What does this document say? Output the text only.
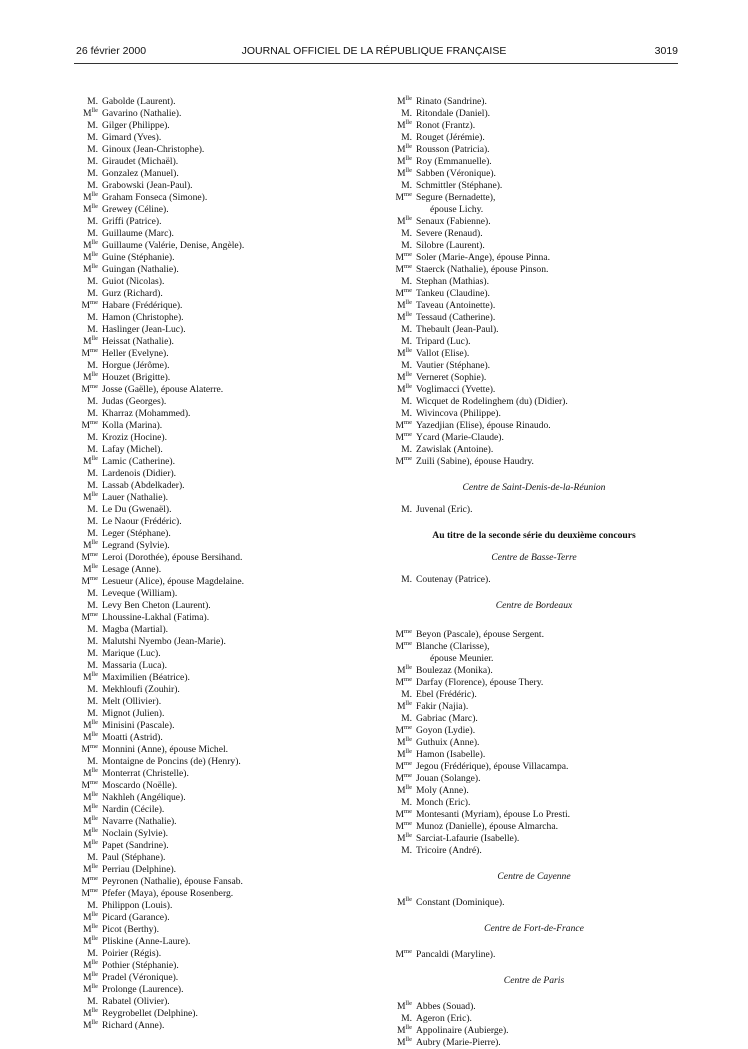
26 février 2000	JOURNAL OFFICIEL DE LA RÉPUBLIQUE FRANÇAISE	3019
M. Gabolde (Laurent).
$M^{lle}$ Gavarino (Nathalie).
M. Gilger (Philippe).
M. Gimard (Yves).
M. Ginoux (Jean-Christophe).
M. Giraudet (Michaël).
M. Gonzalez (Manuel).
M. Grabowski (Jean-Paul).
$M^{lle}$ Graham Fonseca (Simone).
$M^{lle}$ Grewey (Céline).
M. Griffi (Patrice).
M. Guillaume (Marc).
$M^{lle}$ Guillaume (Valérie, Denise, Angèle).
$M^{lle}$ Guine (Stéphanie).
$M^{lle}$ Guingan (Nathalie).
M. Guiot (Nicolas).
M. Gurz (Richard).
$M^{me}$ Habare (Frédérique).
M. Hamon (Christophe).
M. Haslinger (Jean-Luc).
$M^{lle}$ Heissat (Nathalie).
$M^{me}$ Heller (Evelyne).
M. Horgue (Jérôme).
$M^{lle}$ Houzet (Brigitte).
$M^{me}$ Josse (Gaëlle), épouse Alaterre.
M. Judas (Georges).
M. Kharraz (Mohammed).
$M^{me}$ Kolla (Marina).
M. Kroziz (Hocine).
M. Lafay (Michel).
$M^{lle}$ Lamic (Catherine).
M. Lardenois (Didier).
M. Lassab (Abdelkader).
$M^{lle}$ Lauer (Nathalie).
M. Le Du (Gwenaël).
M. Le Naour (Frédéric).
M. Leger (Stéphane).
$M^{lle}$ Legrand (Sylvie).
$M^{me}$ Leroi (Dorothée), épouse Bersihand.
$M^{lle}$ Lesage (Anne).
$M^{me}$ Lesueur (Alice), épouse Magdelaine.
M. Leveque (William).
M. Levy Ben Cheton (Laurent).
$M^{me}$ Lhoussine-Lakhal (Fatima).
M. Magba (Martial).
M. Malutshi Nyembo (Jean-Marie).
M. Marique (Luc).
M. Massaria (Luca).
$M^{lle}$ Maximilien (Béatrice).
M. Mekhloufi (Zouhir).
M. Melt (Ollivier).
M. Mignot (Julien).
$M^{lle}$ Minisini (Pascale).
$M^{lle}$ Moatti (Astrid).
$M^{me}$ Monnini (Anne), épouse Michel.
M. Montaigne de Poncins (de) (Henry).
$M^{lle}$ Monterrat (Christelle).
$M^{me}$ Moscardo (Noëlle).
$M^{lle}$ Nakhleh (Angélique).
$M^{lle}$ Nardin (Cécile).
$M^{lle}$ Navarre (Nathalie).
$M^{lle}$ Noclain (Sylvie).
$M^{lle}$ Papet (Sandrine).
M. Paul (Stéphane).
$M^{lle}$ Perriau (Delphine).
$M^{me}$ Peyronen (Nathalie), épouse Fansab.
$M^{me}$ Pfefer (Maya), épouse Rosenberg.
M. Philippon (Louis).
$M^{lle}$ Picard (Garance).
$M^{lle}$ Picot (Berthy).
$M^{lle}$ Pliskine (Anne-Laure).
M. Poirier (Régis).
$M^{lle}$ Pothier (Stéphanie).
$M^{lle}$ Pradel (Véronique).
$M^{lle}$ Prolonge (Laurence).
M. Rabatel (Olivier).
$M^{lle}$ Reygrobellet (Delphine).
$M^{lle}$ Richard (Anne).
$M^{lle}$ Rinato (Sandrine).
M. Ritondale (Daniel).
$M^{lle}$ Ronot (Frantz).
M. Rouget (Jérémie).
$M^{lle}$ Rousson (Patricia).
$M^{lle}$ Roy (Emmanuelle).
$M^{lle}$ Sabben (Véronique).
M. Schmittler (Stéphane).
$M^{me}$ Segure (Bernadette),
épouse Lichy.
$M^{lle}$ Senaux (Fabienne).
M. Severe (Renaud).
M. Silobre (Laurent).
$M^{me}$ Soler (Marie-Ange), épouse Pinna.
$M^{me}$ Staerck (Nathalie), épouse Pinson.
M. Stephan (Mathias).
$M^{me}$ Tankeu (Claudine).
$M^{lle}$ Taveau (Antoinette).
$M^{lle}$ Tessaud (Catherine).
M. Thebault (Jean-Paul).
M. Tripard (Luc).
$M^{lle}$ Vallot (Elise).
M. Vautier (Stéphane).
$M^{lle}$ Verneret (Sophie).
$M^{lle}$ Voglimacci (Yvette).
M. Wicquet de Rodelinghem (du) (Didier).
M. Wivincova (Philippe).
$M^{me}$ Yazedjian (Elise), épouse Rinaudo.
$M^{me}$ Ycard (Marie-Claude).
M. Zawislak (Antoine).
$M^{me}$ Zuili (Sabine), épouse Haudry.
Centre de Saint-Denis-de-la-Réunion
M. Juvenal (Eric).
Au titre de la seconde série du deuxième concours
Centre de Basse-Terre
M. Coutenay (Patrice).
Centre de Bordeaux
$M^{me}$ Beyon (Pascale), épouse Sergent.
$M^{me}$ Blanche (Clarisse),
épouse Meunier.
$M^{lle}$ Boulezaz (Monika).
$M^{me}$ Darfay (Florence), épouse Thery.
M. Ebel (Frédéric).
$M^{lle}$ Fakir (Najia).
M. Gabriac (Marc).
$M^{me}$ Goyon (Lydie).
$M^{lle}$ Guthuix (Anne).
$M^{lle}$ Hamon (Isabelle).
$M^{me}$ Jegou (Frédérique), épouse Villacampa.
$M^{me}$ Jouan (Solange).
$M^{lle}$ Moly (Anne).
M. Monch (Eric).
$M^{me}$ Montesanti (Myriam), épouse Lo Presti.
$M^{me}$ Munoz (Danielle), épouse Almarcha.
$M^{lle}$ Sarciat-Lafaurie (Isabelle).
M. Tricoire (André).
Centre de Cayenne
$M^{lle}$ Constant (Dominique).
Centre de Fort-de-France
$M^{me}$ Pancaldi (Maryline).
Centre de Paris
$M^{lle}$ Abbes (Souad).
M. Ageron (Eric).
$M^{lle}$ Appolinaire (Aubierge).
$M^{lle}$ Aubry (Marie-Pierre).
